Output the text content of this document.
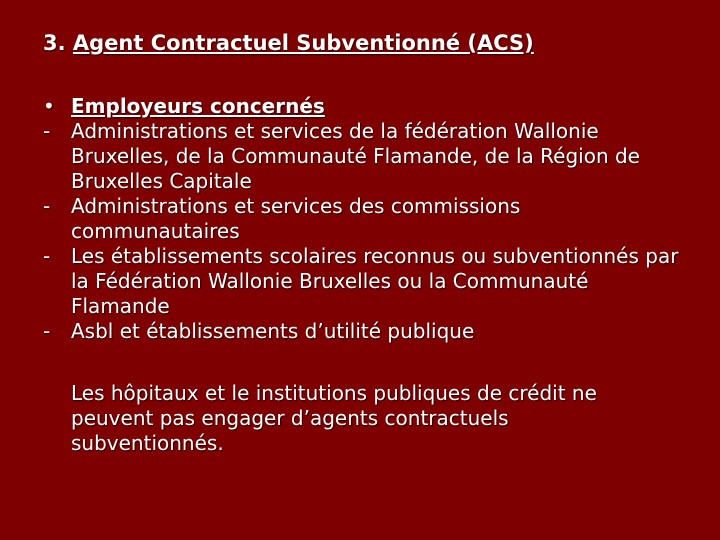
3. Agent Contractuel Subventionné (ACS)
• Employeurs concernés
-	Administrations et services de la fédération Wallonie Bruxelles, de la Communauté Flamande, de la Région de Bruxelles Capitale
-	Administrations et services des commissions communautaires
-	Les établissements scolaires reconnus ou subventionnés par la Fédération Wallonie Bruxelles ou la Communauté Flamande
-	Asbl et établissements d’utilité publique
Les hôpitaux et le institutions publiques de crédit ne peuvent pas engager d’agents contractuels subventionnés.
